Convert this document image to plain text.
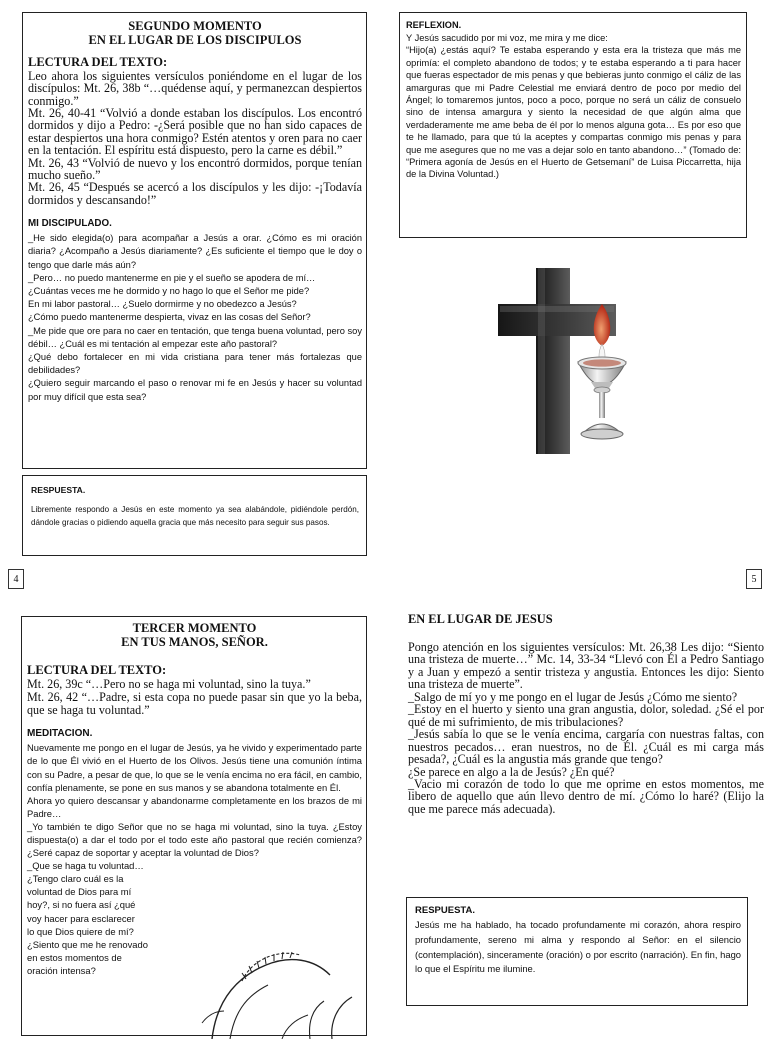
SEGUNDO MOMENTO
EN EL LUGAR DE LOS DISCIPULOS
LECTURA DEL TEXTO:

Leo ahora los siguientes versículos poniéndome en el lugar de los discípulos: Mt. 26, 38b “…quédense aquí, y permanezcan despiertos conmigo.”

Mt. 26, 40-41 “Volvió a donde estaban los discípulos. Los encontró dormidos y dijo a Pedro: -¿Será posible que no han sido capaces de estar despiertos una hora conmigo? Estén atentos y oren para no caer en la tentación. El espíritu está dispuesto, pero la carne es débil.”

Mt. 26, 43 “Volvió de nuevo y los encontró dormidos, porque tenían mucho sueño.”

Mt. 26, 45 “Después se acercó a los discípulos y les dijo: -¡Todavía dormidos y descansando!”

MI DISCIPULADO.

_He sido elegida(o) para acompañar a Jesús a orar. ¿Cómo es mi oración diaria? ¿Acompaño a Jesús diariamente? ¿Es suficiente el tiempo que le doy o tengo que darle más aún?

_Pero… no puedo mantenerme en pie y el sueño se apodera de mí…

¿Cuántas veces me he dormido y no hago lo que el Señor me pide?

En mi labor pastoral… ¿Suelo dormirme y no obedezco a Jesús?

¿Cómo puedo mantenerme despierta, vivaz en las cosas del Señor?

_Me pide que ore para no caer en tentación, que tenga buena voluntad, pero soy débil… ¿Cuál es mi tentación al empezar este año pastoral?

¿Qué debo fortalecer en mi vida cristiana para tener más fortalezas que debilidades?

¿Quiero seguir marcando el paso o renovar mi fe en Jesús y hacer su voluntad por muy difícil que esta sea?

RESPUESTA.
Libremente respondo a Jesús en este momento ya sea alabándole, pidiéndole perdón, dándole gracias o pidiendo aquella gracia que más necesito para seguir sus pasos.
REFLEXION.
Y Jesús sacudido por mi voz, me mira y me dice:
“Hijo(a) ¿estás aquí? Te estaba esperando y esta era la tristeza que más me oprimía: el completo abandono de todos; y te estaba esperando a ti para hacer que fueras espectador de mis penas y que bebieras junto conmigo el cáliz de las amarguras que mi Padre Celestial me enviará dentro de poco por medio del Ángel; lo tomaremos juntos, poco a poco, porque no será un cáliz de consuelo sino de intensa amargura y siento la necesidad de que algún alma que verdaderamente me ame beba de él por lo menos alguna gota… Es por eso que te he llamado, para que tú la aceptes y compartas conmigo mis penas y para que me asegures que no me vas a dejar solo en tanto abandono…” (Tomado de: “Primera agonía de Jesús en el Huerto de Getsemaní” de Luisa Piccarretta, hija de la Divina Voluntad.)
4	5
TERCER MOMENTO
EN TUS MANOS, SEÑOR.
LECTURA DEL TEXTO:

Mt. 26, 39c “…Pero no se haga mi voluntad, sino la tuya.”

Mt. 26, 42 “…Padre, si esta copa no puede pasar sin que yo la beba, que se haga tu voluntad.”

MEDITACION.

Nuevamente me pongo en el lugar de Jesús, ya he vivido y experimentado parte de lo que Él vivió en el Huerto de los Olivos. Jesús tiene una comunión íntima con su Padre, a pesar de que, lo que se le venía encima no era fácil, en cambio, confía plenamente, se pone en sus manos y se abandona totalmente en Él.

Ahora yo quiero descansar y abandonarme completamente en los brazos de mi Padre…

_Yo también te digo Señor que no se haga mi voluntad, sino la tuya. ¿Estoy dispuesta(o) a dar el todo por el todo este año pastoral que recién comienza? ¿Seré capaz de soportar y aceptar la voluntad de Dios?

_Que se haga tu voluntad…

¿Tengo claro cuál es la

voluntad de Dios para mí

hoy?, si no fuera así ¿qué

voy hacer para esclarecer

lo que Dios quiere de mí?

¿Siento que me he renovado

en estos momentos de

oración intensa?

EN EL LUGAR DE JESUS

Pongo atención en los siguientes versículos: Mt. 26,38 Les dijo: “Siento una tristeza de muerte…” Mc. 14, 33-34 “Llevó con Él a Pedro Santiago y a Juan y empezó a sentir tristeza y angustia. Entonces les dijo: Siento una tristeza de muerte”.

_Salgo de mí yo y me pongo en el lugar de Jesús ¿Cómo me siento?

_Estoy en el huerto y siento una gran angustia, dolor, soledad. ¿Sé el por qué de mi sufrimiento, de mis tribulaciones?

_Jesús sabía lo que se le venía encima, cargaría con nuestras faltas, con nuestros pecados… eran nuestros, no de Él. ¿Cuál es mi carga más pesada?, ¿Cuál es la angustia más grande que tengo?

¿Se parece en algo a la de Jesús? ¿En qué?

_Vacio mi corazón de todo lo que me oprime en estos momentos, me libero de aquello que aún llevo dentro de mí. ¿Cómo lo haré? (Elijo la que me parece más adecuada).

RESPUESTA.
Jesús me ha hablado, ha tocado profundamente mi corazón, ahora respiro profundamente, sereno mi alma y respondo al Señor: en el silencio (contemplación), sinceramente (oración) o por escrito (narración). En fin, hago lo que el Espíritu me ilumine.
